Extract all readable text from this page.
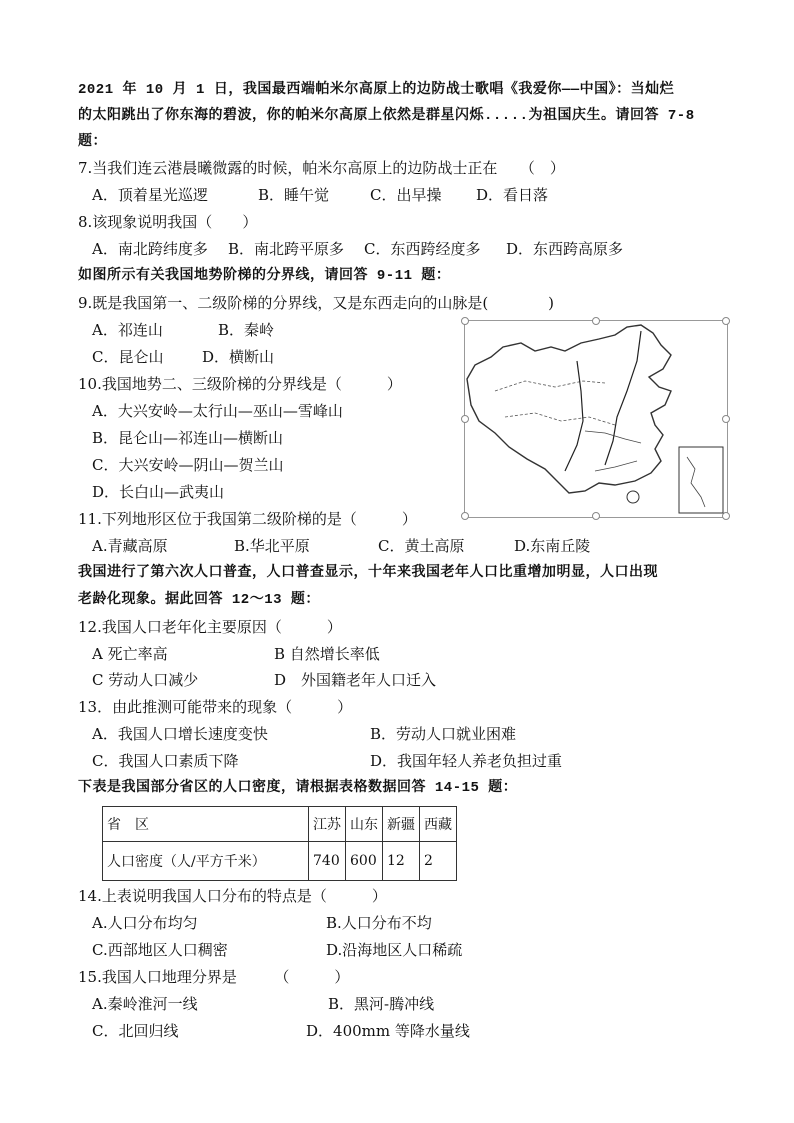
2021 年 10 月 1 日，我国最西端帕米尔高原上的边防战士歌唱《我爱你——中国》：当灿烂
的太阳跳出了你东海的碧波，你的帕米尔高原上依然是群星闪烁.....为祖国庆生。请回答 7-8
题：
7.当我们连云港晨曦微露的时候，帕米尔高原上的边防战士正在　　（　）
A．顶着星光巡逻	B．睡午觉	C．出早操 D．看日落
8.该现象说明我国（　　）
A．南北跨纬度多 B．南北跨平原多 C．东西跨经度多 D．东西跨高原多
如图所示有关我国地势阶梯的分界线，请回答 9-11 题：
9.既是我国第一、二级阶梯的分界线，又是东西走向的山脉是(　　　　)
A．祁连山	B．秦岭
C．昆仑山	D．横断山
10.我国地势二、三级阶梯的分界线是（　　　）
A．大兴安岭—太行山—巫山—雪峰山
B．昆仑山—祁连山—横断山
C．大兴安岭—阴山—贺兰山
D．长白山—武夷山
11.下列地形区位于我国第二级阶梯的是（　　　）
A.青藏高原	B.华北平原	C．黄土高原	D.东南丘陵
我国进行了第六次人口普查，人口普查显示，十年来我国老年人口比重增加明显，人口出现
老龄化现象。据此回答 12～13 题：
12.我国人口老年化主要原因（　　　）
A 死亡率高	B 自然增长率低
C 劳动人口减少	D　外国籍老年人口迁入
13．由此推测可能带来的现象（　　　）
A．我国人口增长速度变快	B．劳动人口就业困难
C．我国人口素质下降	D．我国年轻人养老负担过重
下表是我国部分省区的人口密度，请根据表格数据回答 14-15 题：
省　区	江苏	山东	新疆	西藏
人口密度（人/平方千米）	740	600	12	2
14.上表说明我国人口分布的特点是（　　　）
A.人口分布均匀	B.人口分布不均
C.西部地区人口稠密	D.沿海地区人口稀疏
15.我国人口地理分界是　　　（　　　）
A.秦岭淮河一线	B．黑河-腾冲线
C．北回归线	D．400mm 等降水量线
